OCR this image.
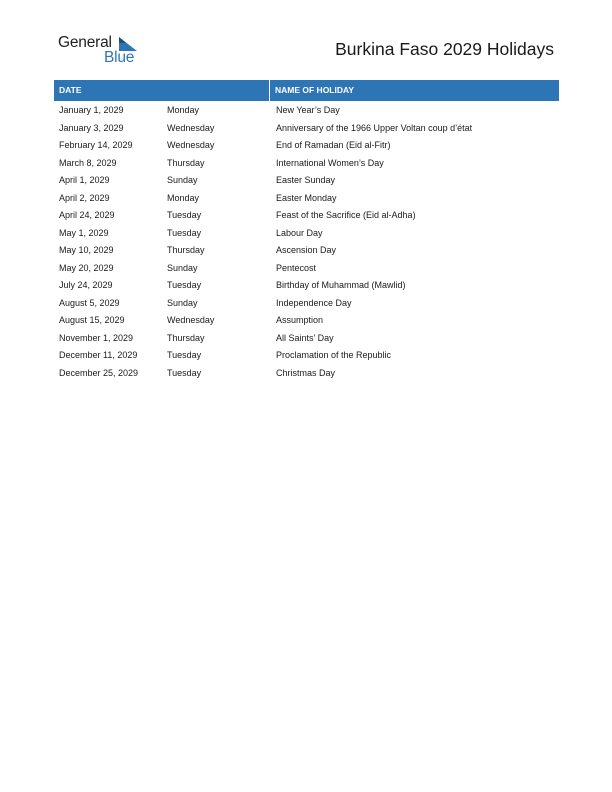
General
Blue	Burkina Faso 2029 Holidays
DATE	NAME OF HOLIDAY
January 1, 2029	Monday	New Year’s Day
January 3, 2029	Wednesday	Anniversary of the 1966 Upper Voltan coup d’état
February 14, 2029	Wednesday	End of Ramadan (Eid al-Fitr)
March 8, 2029	Thursday	International Women’s Day
April 1, 2029	Sunday	Easter Sunday
April 2, 2029	Monday	Easter Monday
April 24, 2029	Tuesday	Feast of the Sacrifice (Eid al-Adha)
May 1, 2029	Tuesday	Labour Day
May 10, 2029	Thursday	Ascension Day
May 20, 2029	Sunday	Pentecost
July 24, 2029	Tuesday	Birthday of Muhammad (Mawlid)
August 5, 2029	Sunday	Independence Day
August 15, 2029	Wednesday	Assumption
November 1, 2029	Thursday	All Saints’ Day
December 11, 2029	Tuesday	Proclamation of the Republic
December 25, 2029	Tuesday	Christmas Day
